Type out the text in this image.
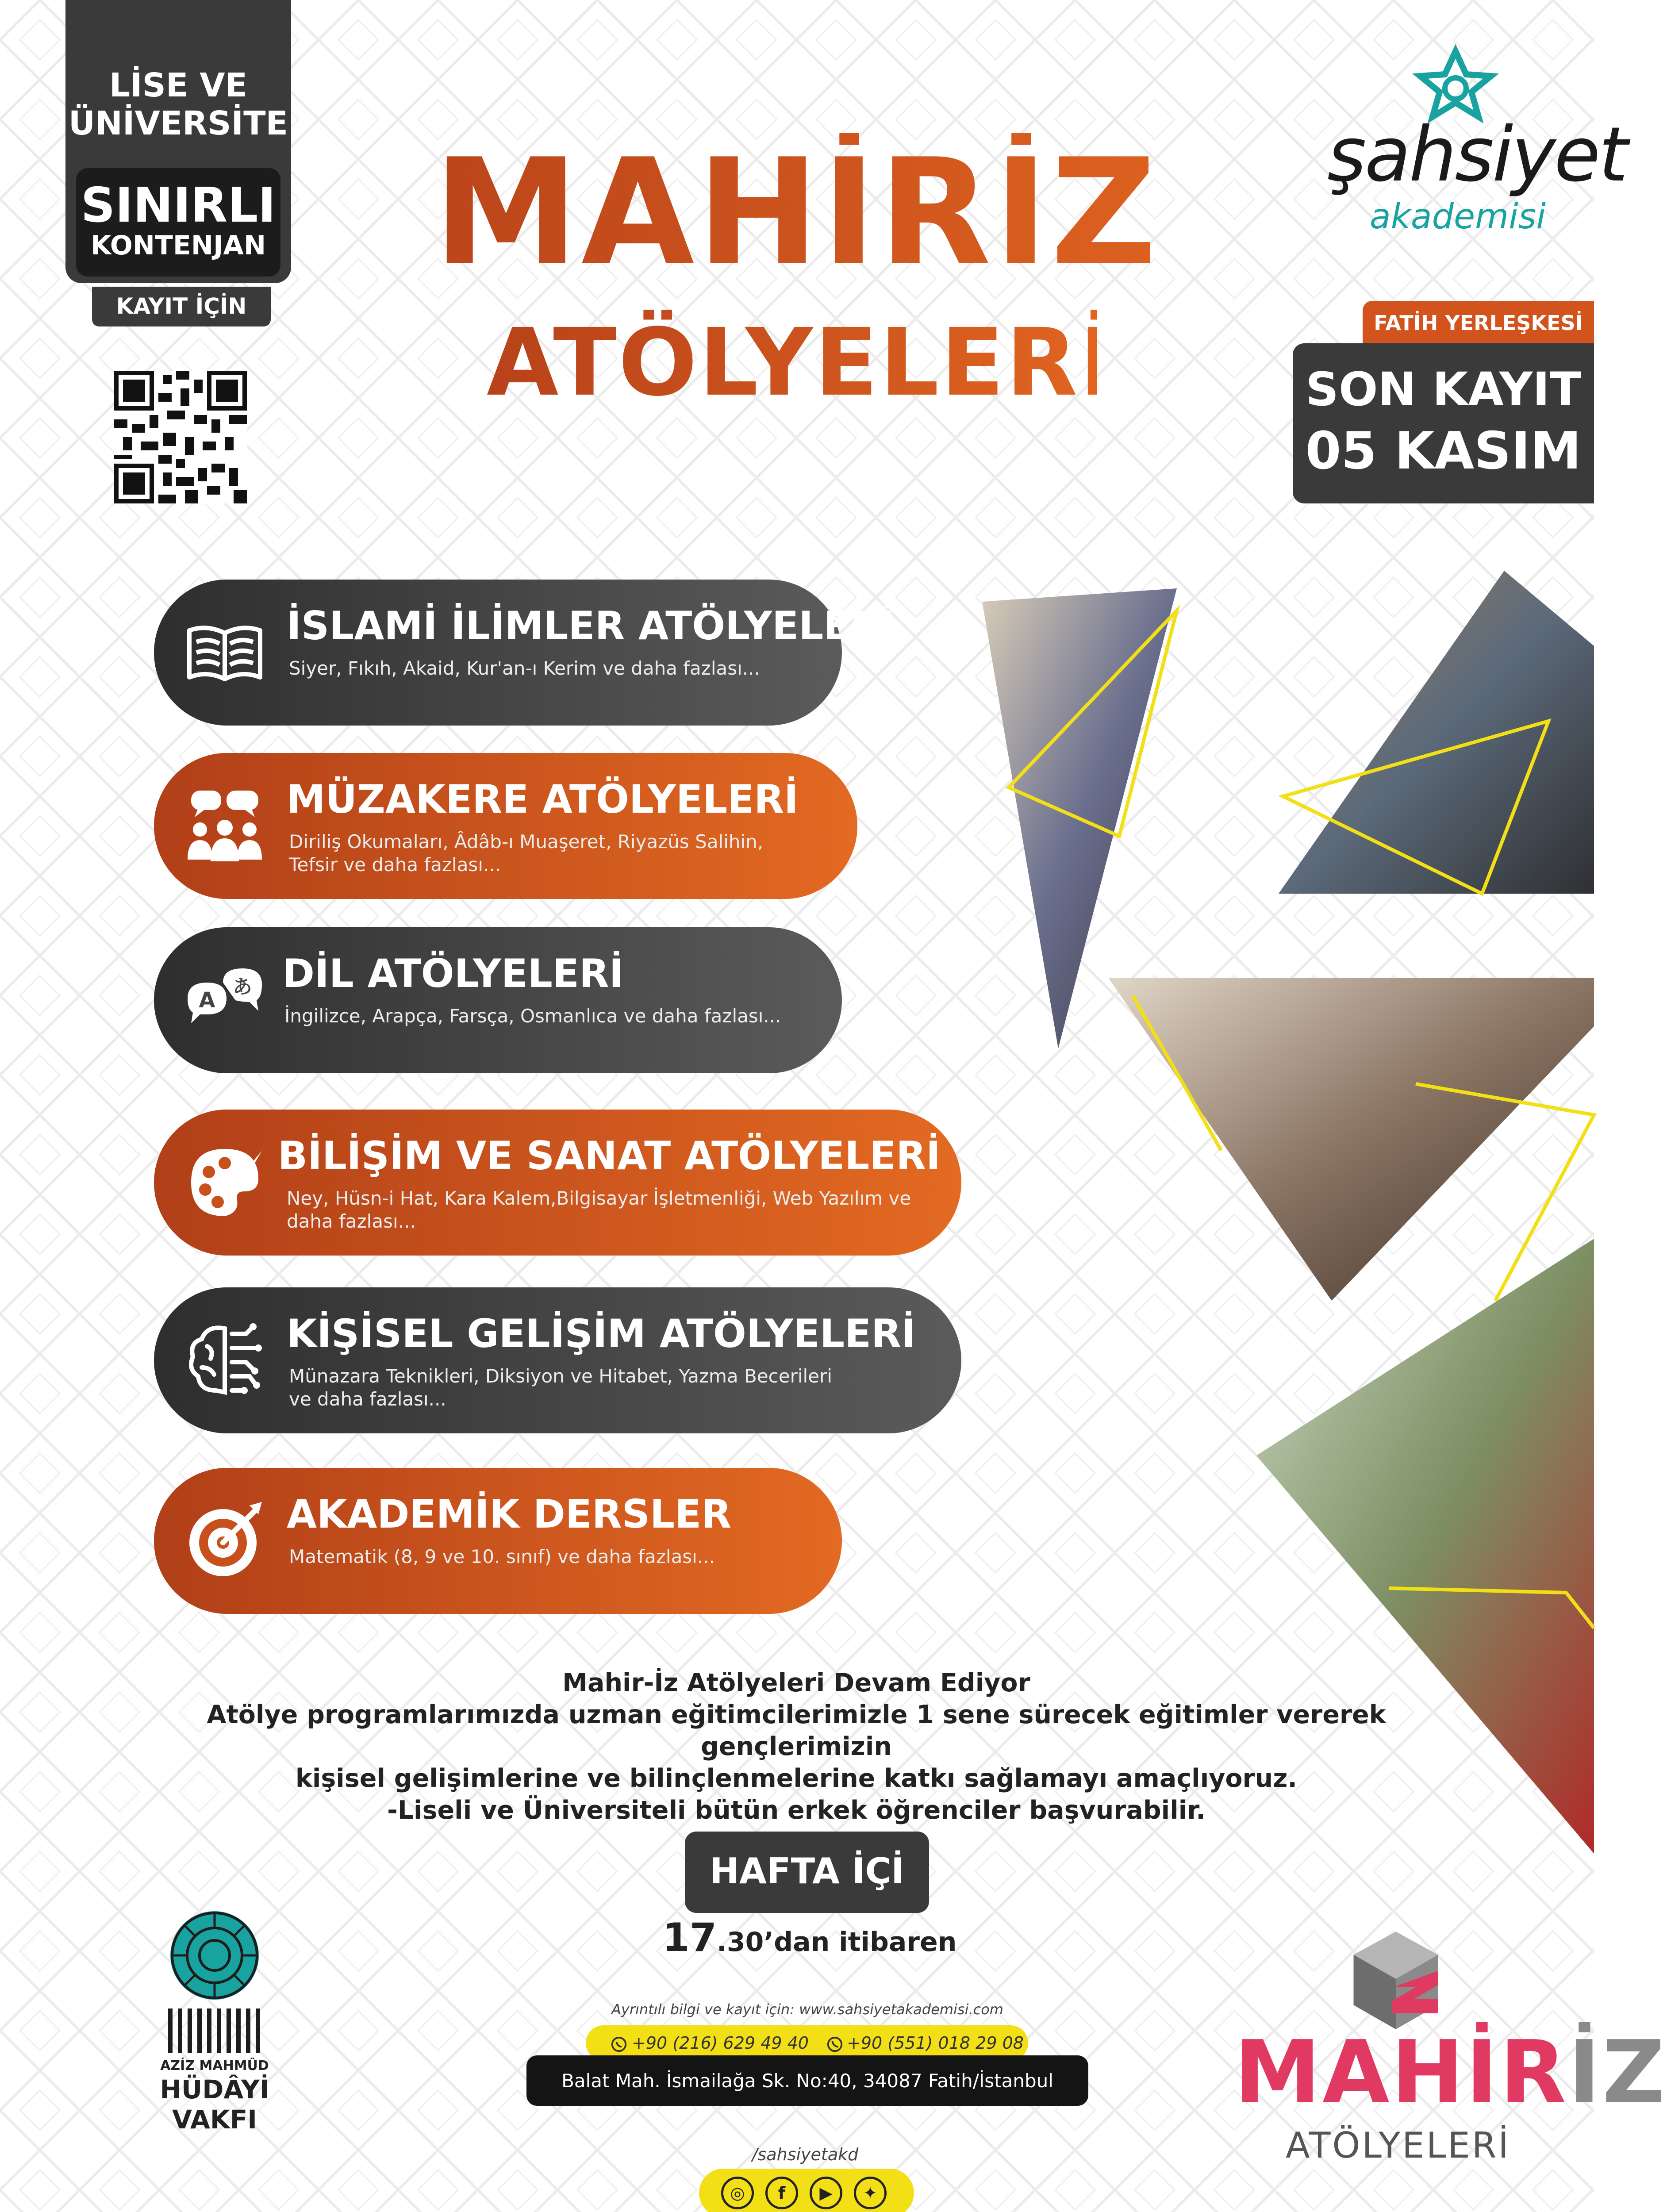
LİSE VE
ÜNİVERSİTE
SINIRLI
KONTENJAN
KAYIT İÇİN
MAHİRİZ
ATÖLYELERİ
şahsiyet
akademisi
FATİH YERLEŞKESİ
SON KAYIT
05 KASIM
İSLAMİ İLİMLER ATÖLYELERİ
Siyer, Fıkıh, Akaid, Kur'an-ı Kerim ve daha fazlası...
MÜZAKERE ATÖLYELERİ
Diriliş Okumaları, Âdâb-ı Muaşeret, Riyazüs Salihin,
Tefsir ve daha fazlası...
A
あ DİL ATÖLYELERİ
İngilizce, Arapça, Farsça, Osmanlıca ve daha fazlası...
BİLİŞİM VE SANAT ATÖLYELERİ
Ney, Hüsn-i Hat, Kara Kalem,Bilgisayar İşletmenliği, Web Yazılım ve
daha fazlası...
KİŞİSEL GELİŞİM ATÖLYELERİ
Münazara Teknikleri, Diksiyon ve Hitabet, Yazma Becerileri
ve daha fazlası...
AKADEMİK DERSLER
Matematik (8, 9 ve 10. sınıf) ve daha fazlası...
Mahir-İz Atölyeleri Devam Ediyor
Atölye programlarımızda uzman eğitimcilerimizle 1 sene sürecek eğitimler vererek gençlerimizin
kişisel gelişimlerine ve bilinçlenmelerine katkı sağlamayı amaçlıyoruz.
-Liseli ve Üniversiteli bütün erkek öğrenciler başvurabilir.
HAFTA İÇİ
17.30’dan itibaren
Ayrıntılı bilgi ve kayıt için: www.sahsiyetakademisi.com
+90 (216) 629 49 40 +90 (551) 018 29 08
Balat Mah. İsmailağa Sk. No:40, 34087 Fatih/İstanbul
/sahsiyetakd
◎	f	▶	✦
AZİZ MAHMÛD
HÜDÂYİ
VAKFI	MAHİRİZ
ATÖLYELERİ
